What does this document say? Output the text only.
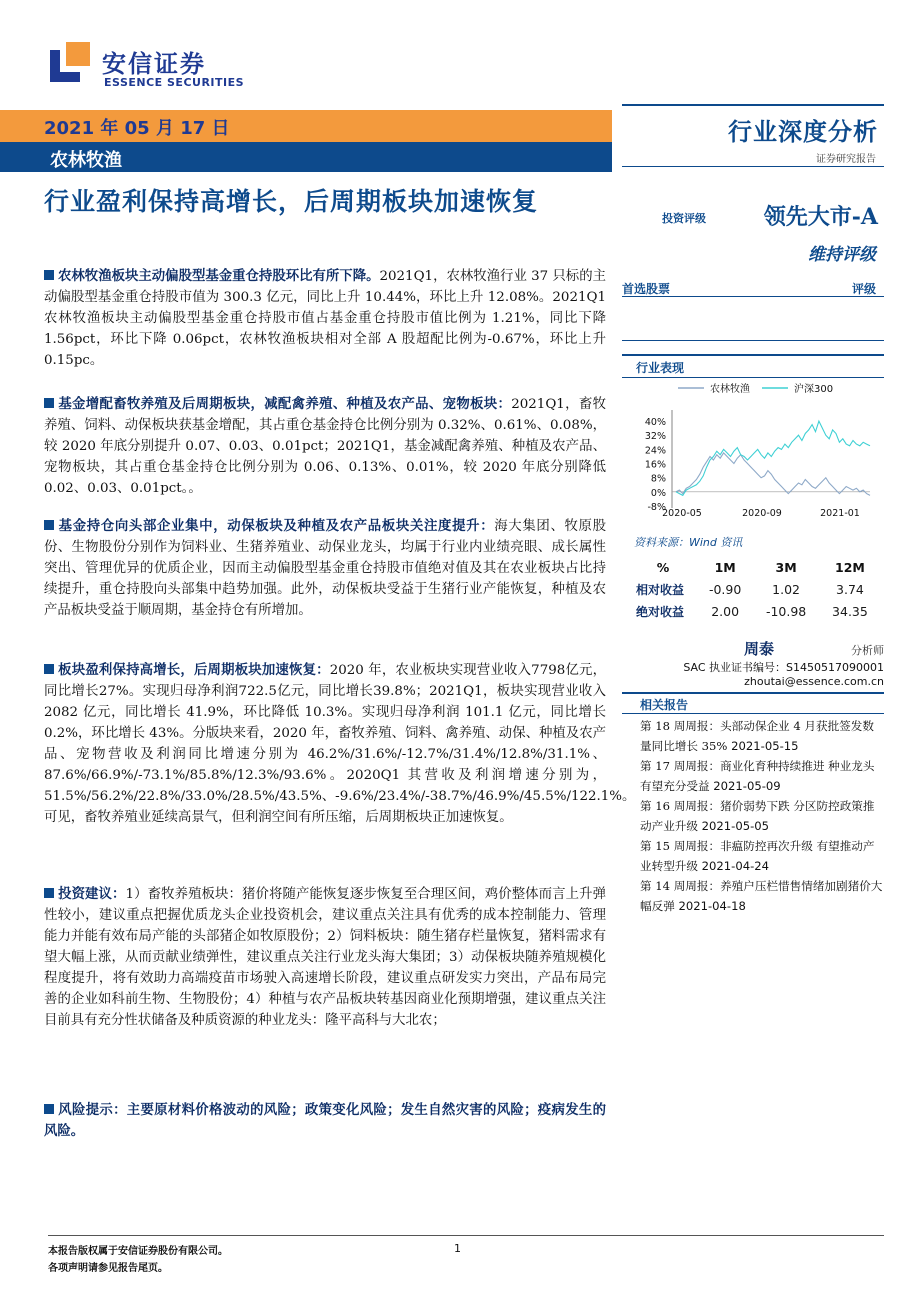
安信证券
ESSENCE SECURITIES
2021 年 05 月 17 日
农林牧渔
行业深度分析
证券研究报告
行业盈利保持高增长，后周期板块加速恢复
投资评级	领先大市-A
维持评级
首选股票	评级
农林牧渔板块主动偏股型基金重仓持股环比有所下降。2021Q1，农林牧渔行业 37 只标的主动偏股型基金重仓持股市值为 300.3 亿元，同比上升 10.44%，环比上升 12.08%。2021Q1 农林牧渔板块主动偏股型基金重仓持股市值占基金重仓持股市值比例为 1.21%，同比下降 1.56pct，环比下降 0.06pct，农林牧渔板块相对全部 A 股超配比例为-0.67%，环比上升 0.15pc。
基金增配畜牧养殖及后周期板块，减配禽养殖、种植及农产品、宠物板块：2021Q1，畜牧养殖、饲料、动保板块获基金增配，其占重仓基金持仓比例分别为 0.32%、0.61%、0.08%，较 2020 年底分别提升 0.07、0.03、0.01pct；2021Q1，基金减配禽养殖、种植及农产品、宠物板块，其占重仓基金持仓比例分别为 0.06、0.13%、0.01%，较 2020 年底分别降低 0.02、0.03、0.01pct。。
基金持仓向头部企业集中，动保板块及种植及农产品板块关注度提升：海大集团、牧原股份、生物股份分别作为饲料业、生猪养殖业、动保业龙头，均属于行业内业绩亮眼、成长属性突出、管理优异的优质企业，因而主动偏股型基金重仓持股市值绝对值及其在农业板块占比持续提升，重仓持股向头部集中趋势加强。此外，动保板块受益于生猪行业产能恢复，种植及农产品板块受益于顺周期，基金持仓有所增加。
板块盈利保持高增长，后周期板块加速恢复：2020 年，农业板块实现营业收入7798亿元，同比增长27%。实现归母净利润722.5亿元，同比增长39.8%；2021Q1，板块实现营业收入 2082 亿元，同比增长 41.9%，环比降低 10.3%。实现归母净利润 101.1 亿元，同比增长 0.2%，环比增长 43%。分版块来看，2020 年，畜牧养殖、饲料、禽养殖、动保、种植及农产品、宠物营收及利润同比增速分别为 46.2%/31.6%/-12.7%/31.4%/12.8%/31.1%、87.6%/66.9%/-73.1%/85.8%/12.3%/93.6%。2020Q1 其营收及利润增速分别为，51.5%/56.2%/22.8%/33.0%/28.5%/43.5%、-9.6%/23.4%/-38.7%/46.9%/45.5%/122.1%。可见，畜牧养殖业延续高景气，但利润空间有所压缩，后周期板块正加速恢复。
投资建议：1）畜牧养殖板块：猪价将随产能恢复逐步恢复至合理区间，鸡价整体而言上升弹性较小，建议重点把握优质龙头企业投资机会，建议重点关注具有优秀的成本控制能力、管理能力并能有效布局产能的头部猪企如牧原股份；2）饲料板块：随生猪存栏量恢复，猪料需求有望大幅上涨，从而贡献业绩弹性，建议重点关注行业龙头海大集团；3）动保板块随养殖规模化程度提升，将有效助力高端疫苗市场驶入高速增长阶段，建议重点研发实力突出，产品布局完善的企业如科前生物、生物股份；4）种植与农产品板块转基因商业化预期增强，建议重点关注目前具有充分性状储备及种质资源的种业龙头：隆平高科与大北农；
风险提示：主要原材料价格波动的风险；政策变化风险；发生自然灾害的风险；疫病发生的风险。
行业表现
农林牧渔	沪深300
40%
32%
24%
16%
8%
0%
-8%
2020-05	2020-09	2021-01
资料来源：Wind 资讯
%	1M	3M	12M
相对收益	-0.90	1.02	3.74
绝对收益	2.00	-10.98	34.35
周泰	分析师
SAC 执业证书编号：S1450517090001
zhoutai@essence.com.cn
相关报告
第 18 周周报：头部动保企业 4 月获批签发数量同比增长 35% 2021-05-15
第 17 周周报：商业化育种持续推进 种业龙头有望充分受益 2021-05-09
第 16 周周报：猪价弱势下跌 分区防控政策推动产业升级 2021-05-05
第 15 周周报：非瘟防控再次升级 有望推动产业转型升级 2021-04-24
第 14 周周报：养殖户压栏惜售情绪加剧猪价大幅反弹 2021-04-18
本报告版权属于安信证券股份有限公司。
各项声明请参见报告尾页。
1
